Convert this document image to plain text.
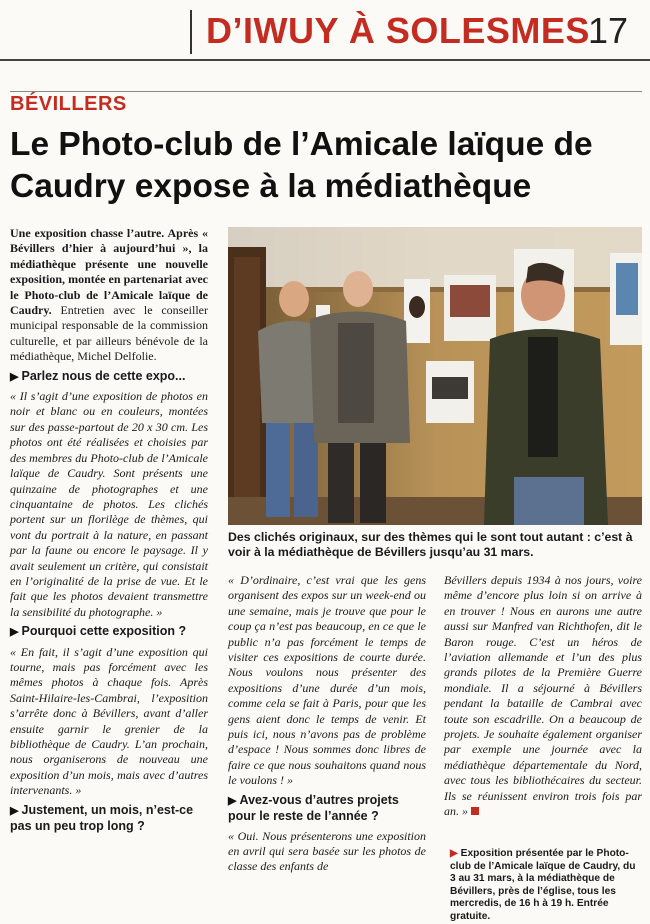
D’IWUY À SOLESMES
17
BÉVILLERS
Le Photo-club de l’Amicale laïque de Caudry expose à la médiathèque

Une exposition chasse l’autre. Après « Bévillers d’hier à aujourd’hui », la médiathèque présente une nouvelle exposition, montée en partenariat avec le Photo-club de l’Amicale laïque de Caudry. Entretien avec le conseiller municipal responsable de la commission culturelle, et par ailleurs bénévole de la médiathèque, Michel Delfolie.

▶ Parlez nous de cette expo...

« Il s’agit d’une exposition de photos en noir et blanc ou en couleurs, montées sur des passe-partout de 20 x 30 cm. Les photos ont été réalisées et choisies par des membres du Photo-club de l’Amicale laïque de Caudry. Sont présents une quinzaine de photographes et une cinquantaine de photos. Les clichés portent sur un florilège de thèmes, qui vont du portrait à la nature, en passant par la faune ou encore le paysage. Il y avait seulement un critère, qui consistait en l’originalité de la prise de vue. Et le fait que les photos devaient transmettre la sensibilité du photographe. »

▶ Pourquoi cette exposition ?

« En fait, il s’agit d’une exposition qui tourne, mais pas forcément avec les mêmes photos à chaque fois. Après Saint-Hilaire-les-Cambrai, l’exposition s’arrête donc à Bévillers, avant d’aller ensuite garnir le grenier de la bibliothèque de Caudry. L’an prochain, nous organiserons de nouveau une exposition d’un mois, mais avec d’autres intervenants. »

▶ Justement, un mois, n’est-ce pas un peu trop long ?

Des clichés originaux, sur des thèmes qui le sont tout autant : c’est à voir à la médiathèque de Bévillers jusqu’au 31 mars.

« D’ordinaire, c’est vrai que les gens organisent des expos sur un week-end ou une semaine, mais je trouve que pour le coup ça n’est pas beaucoup, en ce que le public n’a pas forcément le temps de visiter ces expositions de courte durée. Nous voulons nous présenter des expositions d’une durée d’un mois, comme cela se fait à Paris, pour que les gens aient donc le temps de venir. Et puis ici, nous n’avons pas de problème d’espace ! Nous sommes donc libres de faire ce que nous souhaitons quand nous le voulons ! »

▶ Avez-vous d’autres projets pour le reste de l’année ?

« Oui. Nous présenterons une exposition en avril qui sera basée sur les photos de classe des enfants de

Bévillers depuis 1934 à nos jours, voire même d’encore plus loin si on arrive à en trouver ! Nous en aurons une autre aussi sur Manfred van Richthofen, dit le Baron rouge. C’est un héros de l’aviation allemande et l’un des plus grands pilotes de la Première Guerre mondiale. Il a séjourné à Bévillers pendant la bataille de Cambrai avec toute son escadrille. On a beaucoup de projets. Je souhaite également organiser par exemple une journée avec la médiathèque départementale du Nord, avec tous les bibliothécaires du secteur. Ils se réunissent environ trois fois par an. »

▶ Exposition présentée par le Photo-club de l’Amicale laïque de Caudry, du 3 au 31 mars, à la médiathèque de Bévillers, près de l’église, tous les mercredis, de 16 h à 19 h. Entrée gratuite.
